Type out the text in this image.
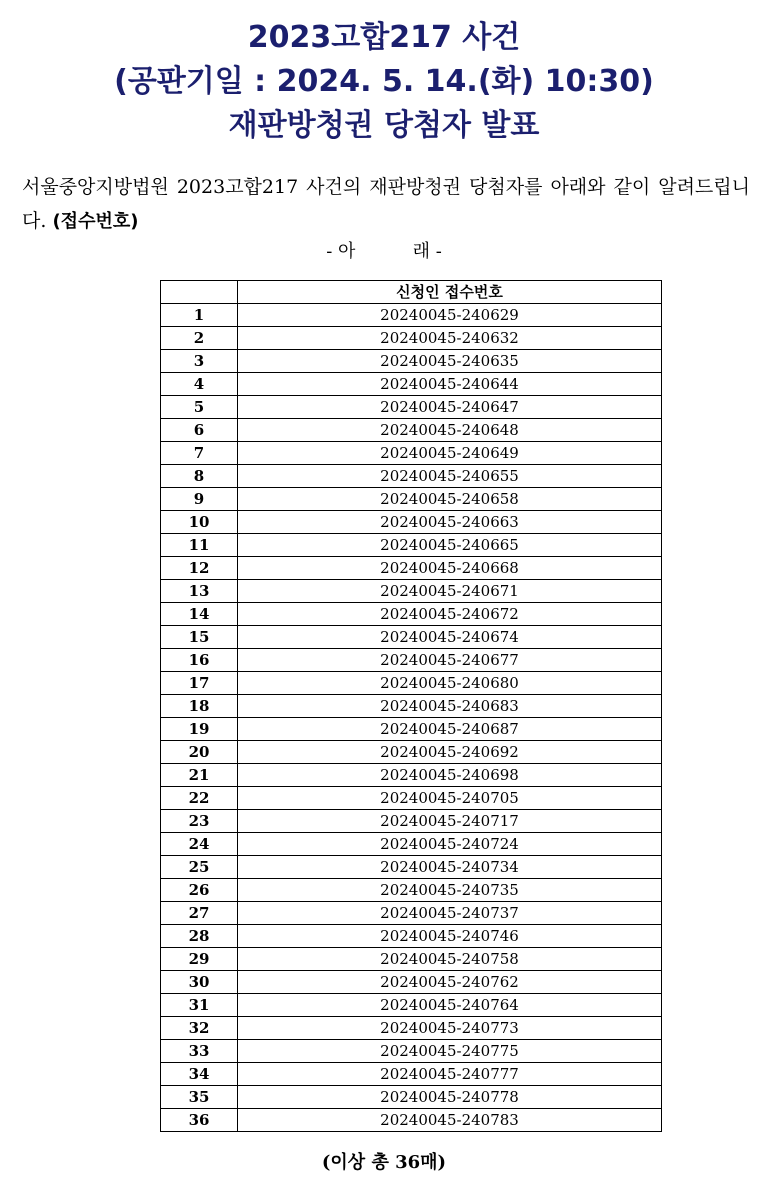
2023고합217 사건
(공판기일 : 2024. 5. 14.(화) 10:30)
재판방청권 당첨자 발표
서울중앙지방법원 2023고합217 사건의 재판방청권 당첨자를 아래와 같이 알려드립니다. (접수번호)
- 아          래 -
	신청인 접수번호
1	20240045-240629
2	20240045-240632
3	20240045-240635
4	20240045-240644
5	20240045-240647
6	20240045-240648
7	20240045-240649
8	20240045-240655
9	20240045-240658
10	20240045-240663
11	20240045-240665
12	20240045-240668
13	20240045-240671
14	20240045-240672
15	20240045-240674
16	20240045-240677
17	20240045-240680
18	20240045-240683
19	20240045-240687
20	20240045-240692
21	20240045-240698
22	20240045-240705
23	20240045-240717
24	20240045-240724
25	20240045-240734
26	20240045-240735
27	20240045-240737
28	20240045-240746
29	20240045-240758
30	20240045-240762
31	20240045-240764
32	20240045-240773
33	20240045-240775
34	20240045-240777
35	20240045-240778
36	20240045-240783
(이상 총 36매)
